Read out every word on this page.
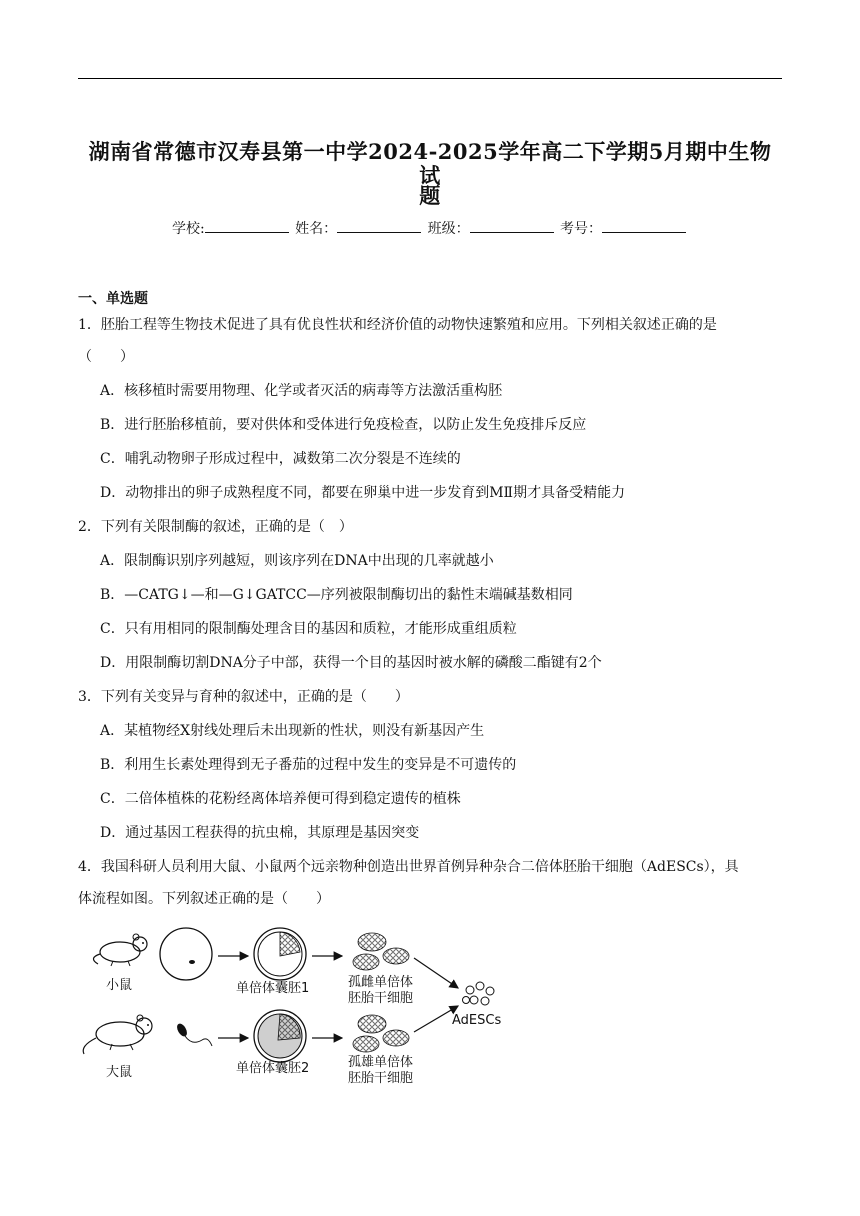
湖南省常德市汉寿县第一中学2024-2025学年高二下学期5月期中生物试
题
学校:	姓名：	班级：	考号：
一、单选题
1．胚胎工程等生物技术促进了具有优良性状和经济价值的动物快速繁殖和应用。下列相关叙述正确的是
（　　）
A．核移植时需要用物理、化学或者灭活的病毒等方法激活重构胚
B．进行胚胎移植前，要对供体和受体进行免疫检查，以防止发生免疫排斥反应
C．哺乳动物卵子形成过程中，减数第二次分裂是不连续的
D．动物排出的卵子成熟程度不同，都要在卵巢中进一步发育到MⅡ期才具备受精能力
2．下列有关限制酶的叙述，正确的是（　）
A．限制酶识别序列越短，则该序列在DNA中出现的几率就越小
B．—CATG↓—和—G↓GATCC—序列被限制酶切出的黏性末端碱基数相同
C．只有用相同的限制酶处理含目的基因和质粒，才能形成重组质粒
D．用限制酶切割DNA分子中部，获得一个目的基因时被水解的磷酸二酯键有2个
3．下列有关变异与育种的叙述中，正确的是（　　）
A．某植物经X射线处理后未出现新的性状，则没有新基因产生
B．利用生长素处理得到无子番茄的过程中发生的变异是不可遗传的
C．二倍体植株的花粉经离体培养便可得到稳定遗传的植株
D．通过基因工程获得的抗虫棉，其原理是基因突变
4．我国科研人员利用大鼠、小鼠两个远亲物种创造出世界首例异种杂合二倍体胚胎干细胞（AdESCs），具
体流程如图。下列叙述正确的是（　　）
小鼠	单倍体囊胚1	孤雌单倍体
胚胎干细胞
AdESCs
大鼠	单倍体囊胚2	孤雄单倍体
胚胎干细胞
